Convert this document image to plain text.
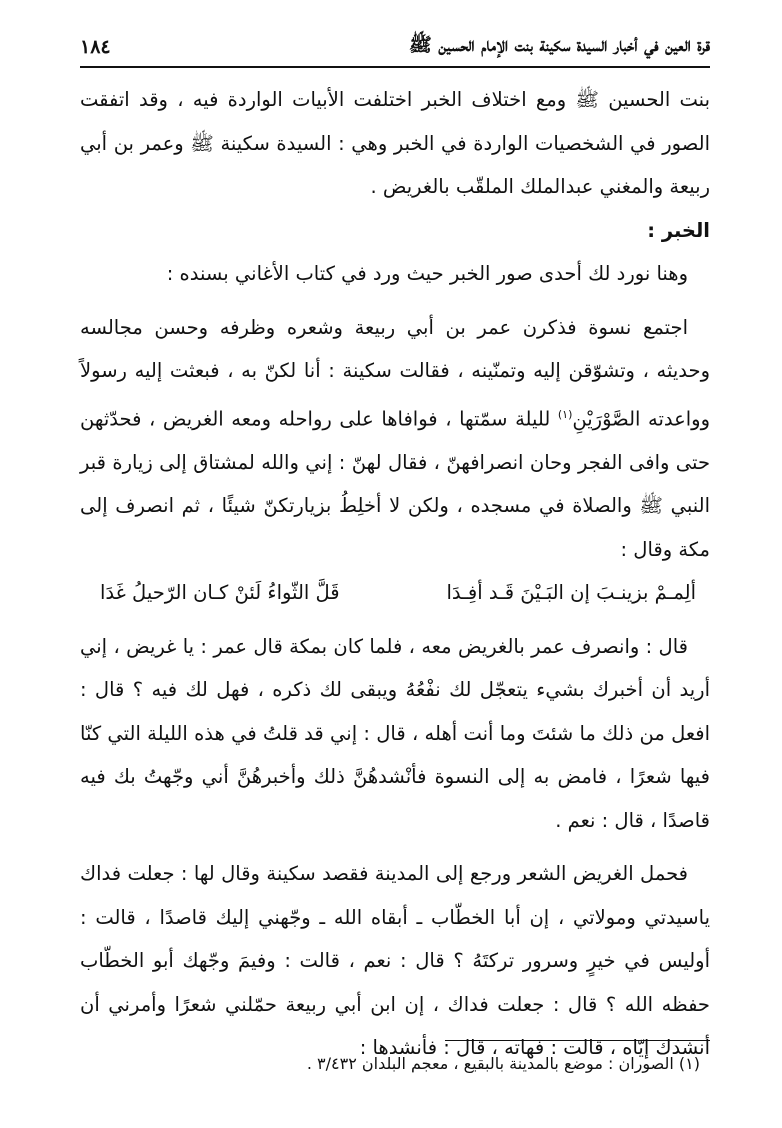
قرة العين في أخبار السيدة سكينة بنت الإمام الحسين ﷺ
١٨٤

بنت الحسين ﷺ ومع اختلاف الخبر اختلفت الأبيات الواردة فيه ، وقد اتفقت الصور في الشخصيات الواردة في الخبر وهي : السيدة سكينة ﷺ وعمر بن أبي ربيعة والمغني عبدالملك الملقّب بالغريض .

الخبر :

وهنا نورد لك أحدى صور الخبر حيث ورد في كتاب الأغاني بسنده :

اجتمع نسوة فذكرن عمر بن أبي ربيعة وشعره وظرفه وحسن مجالسه وحديثه ، وتشوّقن إليه وتمنّينه ، فقالت سكينة : أنا لكنّ به ، فبعثت إليه رسولاً وواعدته الصَّوْرَيْنِ$^{(١)}$ لليلة سمّتها ، فوافاها على رواحله ومعه الغريض ، فحدّثهن حتى وافى الفجر وحان انصرافهنّ ، فقال لهنّ : إني والله لمشتاق إلى زيارة قبر النبي ﷺ والصلاة في مسجده ، ولكن لا أخلِطُ بزيارتكنّ شيئًا ، ثم انصرف إلى مكة وقال :

ألِمـمْ بزينـبَ إن البَـيْنَ قَـد أفِـدَا
قَلَّ الثّواءُ لَئنْ كـان الرّحيلُ غَدَا

قال : وانصرف عمر بالغريض معه ، فلما كان بمكة قال عمر : يا غريض ، إني أريد أن أخبرك بشيء يتعجّل لك نفْعُهُ ويبقى لك ذكره ، فهل لك فيه ؟ قال : افعل من ذلك ما شئتَ وما أنت أهله ، قال : إني قد قلتُ في هذه الليلة التي كنّا فيها شعرًا ، فامض به إلى النسوة فأنْشدهُنَّ ذلك وأخبرهُنَّ أني وجّهتُ بك فيه قاصدًا ، قال : نعم .

فحمل الغريض الشعر ورجع إلى المدينة فقصد سكينة وقال لها : جعلت فداك ياسيدتي ومولاتي ، إن أبا الخطّاب ـ أبقاه الله ـ وجّهني إليك قاصدًا ، قالت : أوليس في خيرٍ وسرور تركتَهُ ؟ قال : نعم ، قالت : وفيمَ وجّهك أبو الخطّاب حفظه الله ؟ قال : جعلت فداك ، إن ابن أبي ربيعة حمّلني شعرًا وأمرني أن أنشدك إيّاه ، قالت : فهاته ، قال : فأنشدها :

(١) الصوران : موضع بالمدينة بالبقيع ، معجم البلدان ٣/٤٣٢ .
